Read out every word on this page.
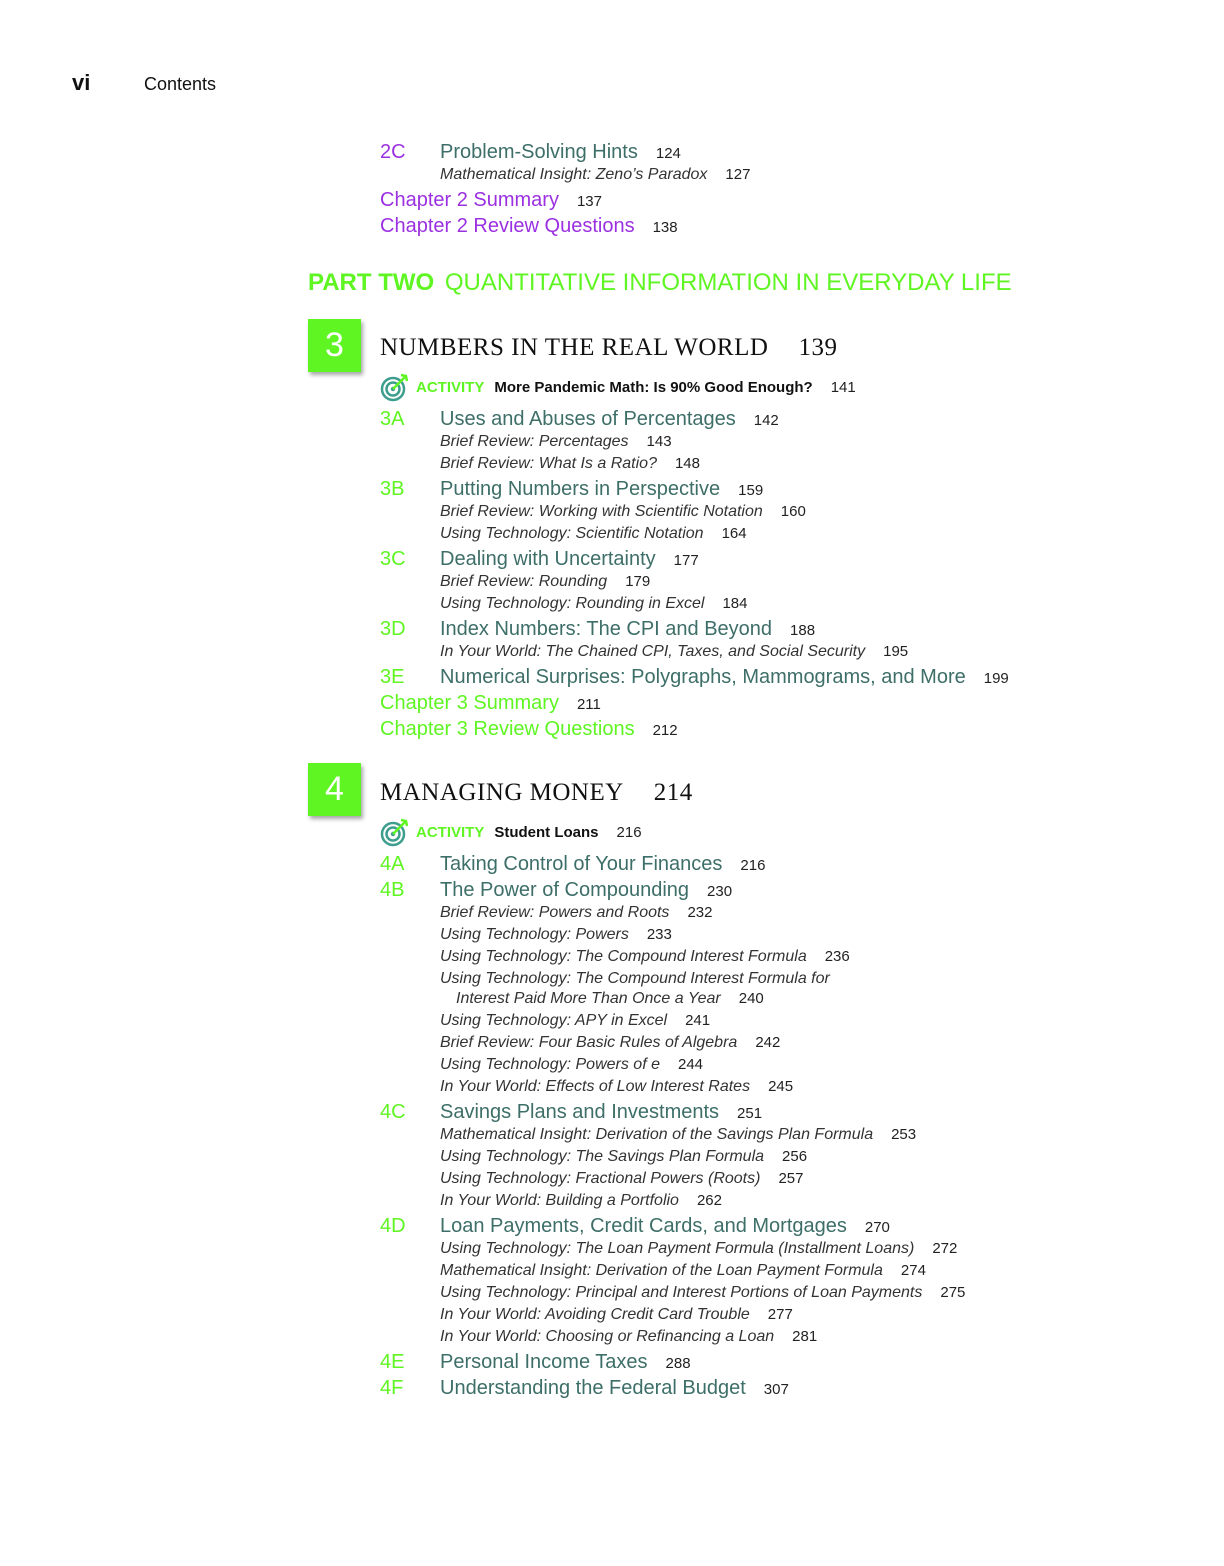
vi	Contents
2C Problem-Solving Hints 124
Mathematical Insight: Zeno’s Paradox 127
Chapter 2 Summary 137
Chapter 2 Review Questions 138
PART TWO QUANTITATIVE INFORMATION IN EVERYDAY LIFE
3	NUMBERS IN THE REAL WORLD 139
ACTIVITY More Pandemic Math: Is 90% Good Enough? 141
3A Uses and Abuses of Percentages 142
Brief Review: Percentages 143
Brief Review: What Is a Ratio? 148
3B Putting Numbers in Perspective 159
Brief Review: Working with Scientific Notation 160
Using Technology: Scientific Notation 164
3C Dealing with Uncertainty 177
Brief Review: Rounding 179
Using Technology: Rounding in Excel 184
3D Index Numbers: The CPI and Beyond 188
In Your World: The Chained CPI, Taxes, and Social Security 195
3E Numerical Surprises: Polygraphs, Mammograms, and More 199
Chapter 3 Summary 211
Chapter 3 Review Questions 212
4	MANAGING MONEY 214
ACTIVITY Student Loans 216
4A Taking Control of Your Finances 216
4B The Power of Compounding 230
Brief Review: Powers and Roots 232
Using Technology: Powers 233
Using Technology: The Compound Interest Formula 236
Using Technology: The Compound Interest Formula for
Interest Paid More Than Once a Year 240
Using Technology: APY in Excel 241
Brief Review: Four Basic Rules of Algebra 242
Using Technology: Powers of e 244
In Your World: Effects of Low Interest Rates 245
4C Savings Plans and Investments 251
Mathematical Insight: Derivation of the Savings Plan Formula 253
Using Technology: The Savings Plan Formula 256
Using Technology: Fractional Powers (Roots) 257
In Your World: Building a Portfolio 262
4D Loan Payments, Credit Cards, and Mortgages 270
Using Technology: The Loan Payment Formula (Installment Loans) 272
Mathematical Insight: Derivation of the Loan Payment Formula 274
Using Technology: Principal and Interest Portions of Loan Payments 275
In Your World: Avoiding Credit Card Trouble 277
In Your World: Choosing or Refinancing a Loan 281
4E Personal Income Taxes 288
4F Understanding the Federal Budget 307
